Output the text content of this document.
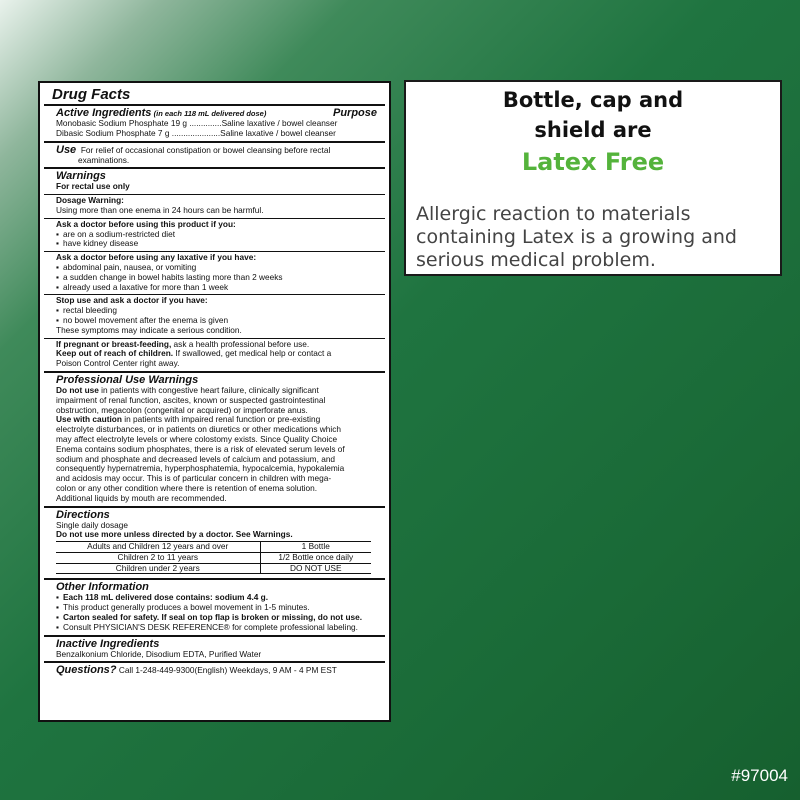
Drug Facts
Active Ingredients (in each 118 mL delivered dose)	Purpose
Monobasic Sodium Phosphate 19 g ..............Saline laxative / bowel cleanser
Dibasic Sodium Phosphate 7 g .....................Saline laxative / bowel cleanser
Use For relief of occasional constipation or bowel cleansing before rectal
examinations.
Warnings
For rectal use only
Dosage Warning:
Using more than one enema in 24 hours can be harmful.
Ask a doctor before using this product if you:
▪ are on a sodium-restricted diet
▪ have kidney disease
Ask a doctor before using any laxative if you have:
▪ abdominal pain, nausea, or vomiting
▪ a sudden change in bowel habits lasting more than 2 weeks
▪ already used a laxative for more than 1 week
Stop use and ask a doctor if you have:
▪ rectal bleeding
▪ no bowel movement after the enema is given
These symptoms may indicate a serious condition.
If pregnant or breast-feeding, ask a health professional before use.
Keep out of reach of children. If swallowed, get medical help or contact a
Poison Control Center right away.
Professional Use Warnings
Do not use in patients with congestive heart failure, clinically significant
impairment of renal function, ascites, known or suspected gastrointestinal
obstruction, megacolon (congenital or acquired) or imperforate anus.
Use with caution in patients with impaired renal function or pre-existing
electrolyte disturbances, or in patients on diuretics or other medications which
may affect electrolyte levels or where colostomy exists. Since Quality Choice
Enema contains sodium phosphates, there is a risk of elevated serum levels of
sodium and phosphate and decreased levels of calcium and potassium, and
consequently hypernatremia, hyperphosphatemia, hypocalcemia, hypokalemia
and acidosis may occur. This is of particular concern in children with mega-
colon or any other condition where there is retention of enema solution.
Additional liquids by mouth are recommended.
Directions
Single daily dosage
Do not use more unless directed by a doctor. See Warnings.
Adults and Children 12 years and over	1 Bottle
Children 2 to 11 years	1/2 Bottle once daily
Children under 2 years	DO NOT USE
Other Information
▪ Each 118 mL delivered dose contains: sodium 4.4 g.
▪ This product generally produces a bowel movement in 1-5 minutes.
▪ Carton sealed for safety. If seal on top flap is broken or missing, do not use.
▪ Consult PHYSICIAN'S DESK REFERENCE® for complete professional labeling.
Inactive Ingredients
Benzalkonium Chloride, Disodium EDTA, Purified Water
Questions? Call 1-248-449-9300(English) Weekdays, 9 AM - 4 PM EST
Bottle, cap and
shield are
Latex Free
Allergic reaction to materials
containing Latex is a growing and
serious medical problem.
#97004
